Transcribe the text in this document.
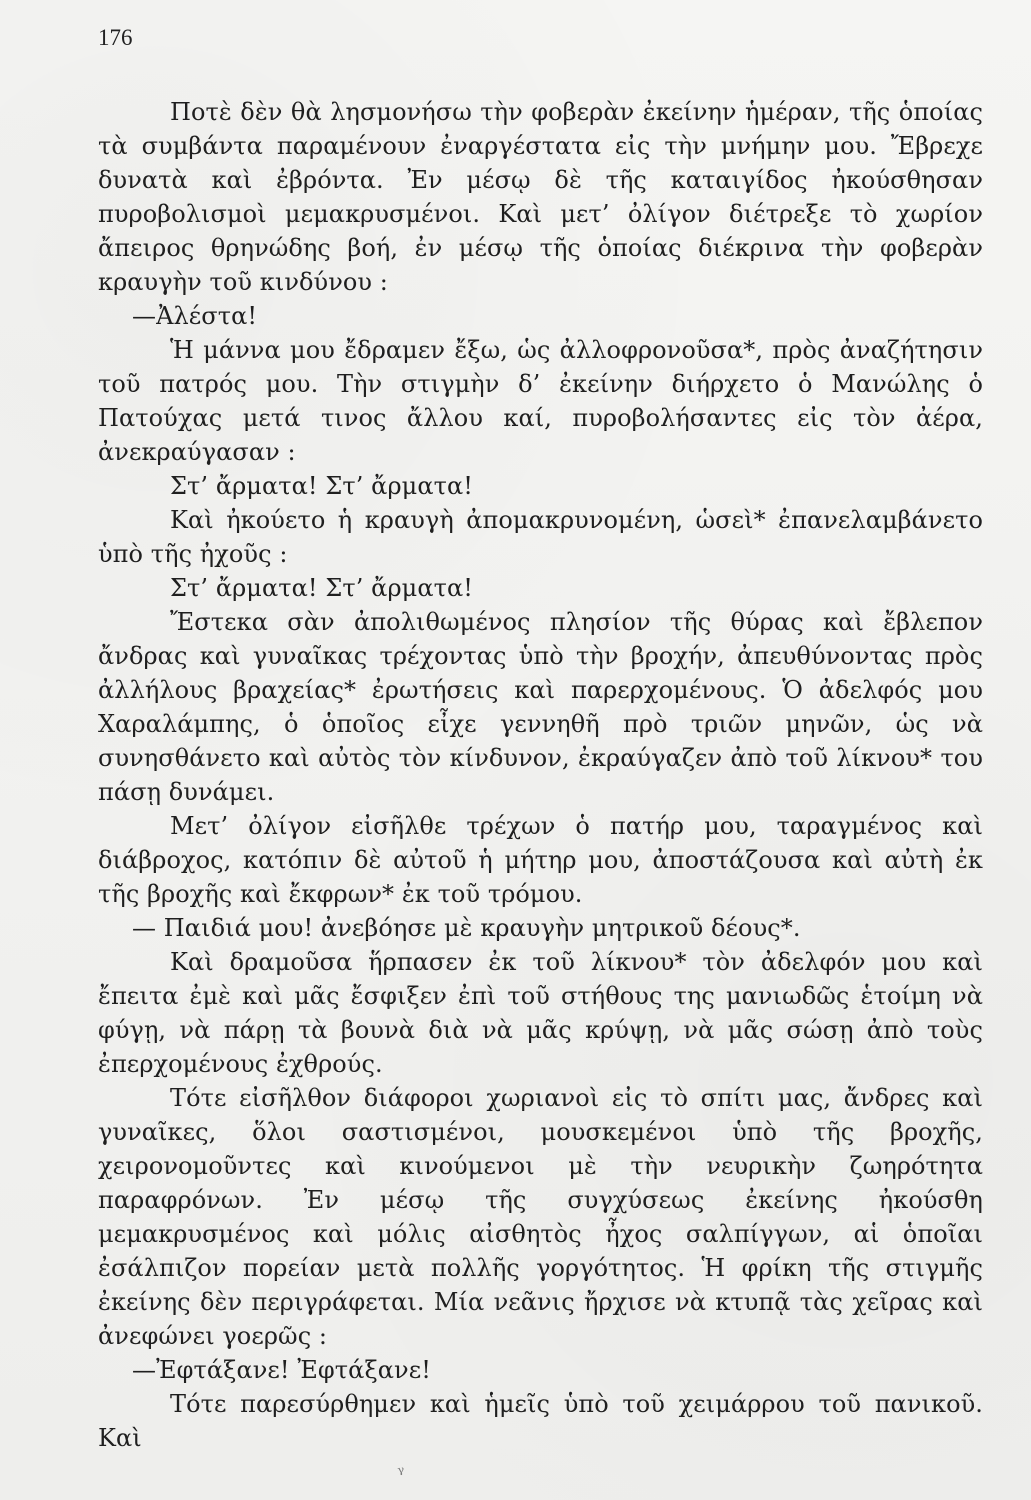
176

Ποτὲ δὲν θὰ λησμονήσω τὴν φοβερὰν ἐκείνην ἡμέραν, τῆς ὁποίας τὰ συμβάντα παραμένουν ἐναργέστατα εἰς τὴν μνήμην μου. Ἔβρεχε δυνατὰ καὶ ἐβρόντα. Ἐν μέσῳ δὲ τῆς καταιγίδος ἠκούσθησαν πυροβολισμοὶ μεμακρυσμένοι. Καὶ μετ’ ὀλίγον διέτρεξε τὸ χωρίον ἄπειρος θρηνώδης βοή, ἐν μέσῳ τῆς ὁποίας διέκρινα τὴν φοβερὰν κραυγὴν τοῦ κινδύνου :

—Ἀλέστα!

Ἡ μάννα μου ἔδραμεν ἔξω, ὡς ἀλλοφρονοῦσα*, πρὸς ἀναζήτησιν τοῦ πατρός μου. Τὴν στιγμὴν δ’ ἐκείνην διήρχετο ὁ Μανώλης ὁ Πατούχας μετά τινος ἄλλου καί, πυροβολήσαντες εἰς τὸν ἀέρα, ἀνεκραύγασαν :

Στ’ ἄρματα! Στ’ ἄρματα!

Καὶ ἠκούετο ἡ κραυγὴ ἀπομακρυνομένη, ὡσεὶ* ἐπανελαμβάνετο ὑπὸ τῆς ἠχοῦς :

Στ’ ἄρματα! Στ’ ἄρματα!

Ἔστεκα σὰν ἀπολιθωμένος πλησίον τῆς θύρας καὶ ἔβλεπον ἄνδρας καὶ γυναῖκας τρέχοντας ὑπὸ τὴν βροχήν, ἀπευθύνοντας πρὸς ἀλλήλους βραχείας* ἐρωτήσεις καὶ παρερχομένους. Ὁ ἀδελφός μου Χαραλάμπης, ὁ ὁποῖος εἶχε γεννηθῆ πρὸ τριῶν μηνῶν, ὡς νὰ συνησθάνετο καὶ αὐτὸς τὸν κίνδυνον, ἐκραύγαζεν ἀπὸ τοῦ λίκνου* του πάσῃ δυνάμει.

Μετ’ ὀλίγον εἰσῆλθε τρέχων ὁ πατήρ μου, ταραγμένος καὶ διάβροχος, κατόπιν δὲ αὐτοῦ ἡ μήτηρ μου, ἀποστάζουσα καὶ αὐτὴ ἐκ τῆς βροχῆς καὶ ἔκφρων* ἐκ τοῦ τρόμου.

— Παιδιά μου! ἀνεβόησε μὲ κραυγὴν μητρικοῦ δέους*.

Καὶ δραμοῦσα ἥρπασεν ἐκ τοῦ λίκνου* τὸν ἀδελφόν μου καὶ ἔπειτα ἐμὲ καὶ μᾶς ἔσφιξεν ἐπὶ τοῦ στήθους της μανιωδῶς ἑτοίμη νὰ φύγῃ, νὰ πάρῃ τὰ βουνὰ διὰ νὰ μᾶς κρύψῃ, νὰ μᾶς σώσῃ ἀπὸ τοὺς ἐπερχομένους ἐχθρούς.

Τότε εἰσῆλθον διάφοροι χωριανοὶ εἰς τὸ σπίτι μας, ἄνδρες καὶ γυναῖκες, ὅλοι σαστισμένοι, μουσκεμένοι ὑπὸ τῆς βροχῆς, χειρονομοῦντες καὶ κινούμενοι μὲ τὴν νευρικὴν ζωηρότητα παραφρόνων. Ἐν μέσῳ τῆς συγχύσεως ἐκείνης ἠκούσθη μεμακρυσμένος καὶ μόλις αἰσθητὸς ἦχος σαλπίγγων, αἱ ὁποῖαι ἐσάλπιζον πορείαν μετὰ πολλῆς γοργότητος. Ἡ φρίκη τῆς στιγμῆς ἐκείνης δὲν περιγράφεται. Μία νεᾶνις ἤρχισε νὰ κτυπᾷ τὰς χεῖρας καὶ ἀνεφώνει γοερῶς :

—Ἐφτάξανε! Ἐφτάξανε!

Τότε παρεσύρθημεν καὶ ἡμεῖς ὑπὸ τοῦ χειμάρρου τοῦ πανικοῦ. Καὶ

ᵞ
